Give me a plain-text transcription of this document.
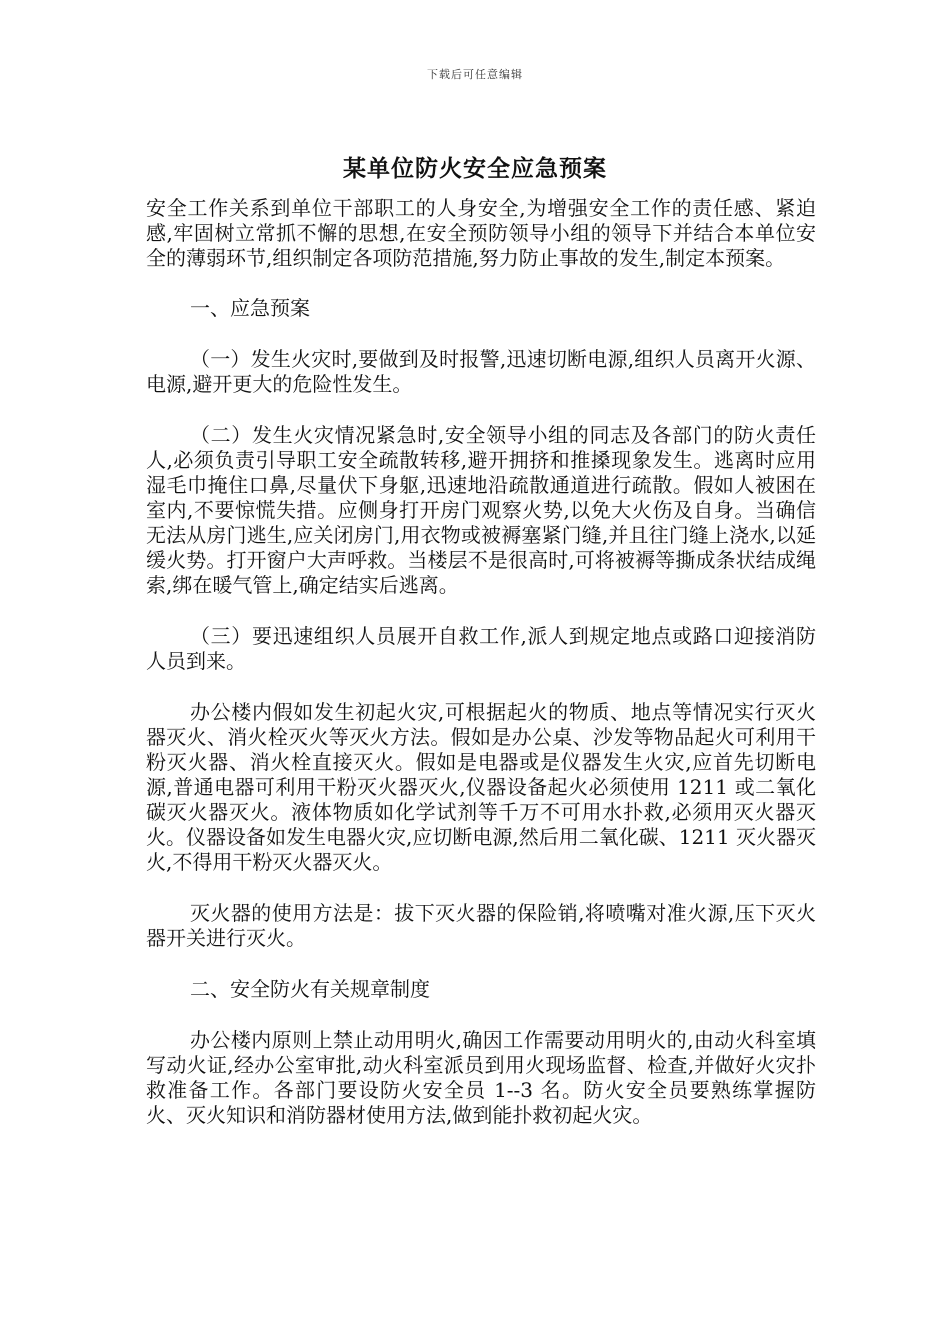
下载后可任意编辑
某单位防火安全应急预案

安全工作关系到单位干部职工的人身安全,为增强安全工作的责任感、紧迫感,牢固树立常抓不懈的思想,在安全预防领导小组的领导下并结合本单位安全的薄弱环节,组织制定各项防范措施,努力防止事故的发生,制定本预案。

一、应急预案

（一）发生火灾时,要做到及时报警,迅速切断电源,组织人员离开火源、电源,避开更大的危险性发生。

（二）发生火灾情况紧急时,安全领导小组的同志及各部门的防火责任人,必须负责引导职工安全疏散转移,避开拥挤和推搡现象发生。逃离时应用湿毛巾掩住口鼻,尽量伏下身躯,迅速地沿疏散通道进行疏散。假如人被困在室内,不要惊慌失措。应侧身打开房门观察火势,以免大火伤及自身。当确信无法从房门逃生,应关闭房门,用衣物或被褥塞紧门缝,并且往门缝上浇水,以延缓火势。打开窗户大声呼救。当楼层不是很高时,可将被褥等撕成条状结成绳索,绑在暖气管上,确定结实后逃离。

（三）要迅速组织人员展开自救工作,派人到规定地点或路口迎接消防人员到来。

办公楼内假如发生初起火灾,可根据起火的物质、地点等情况实行灭火器灭火、消火栓灭火等灭火方法。假如是办公桌、沙发等物品起火可利用干粉灭火器、消火栓直接灭火。假如是电器或是仪器发生火灾,应首先切断电源,普通电器可利用干粉灭火器灭火,仪器设备起火必须使用 1211 或二氧化碳灭火器灭火。液体物质如化学试剂等千万不可用水扑救,必须用灭火器灭火。仪器设备如发生电器火灾,应切断电源,然后用二氧化碳、1211 灭火器灭火,不得用干粉灭火器灭火。

灭火器的使用方法是：拔下灭火器的保险销,将喷嘴对准火源,压下灭火器开关进行灭火。

二、安全防火有关规章制度

办公楼内原则上禁止动用明火,确因工作需要动用明火的,由动火科室填写动火证,经办公室审批,动火科室派员到用火现场监督、检查,并做好火灾扑救准备工作。各部门要设防火安全员 1--3 名。防火安全员要熟练掌握防火、灭火知识和消防器材使用方法,做到能扑救初起火灾。
